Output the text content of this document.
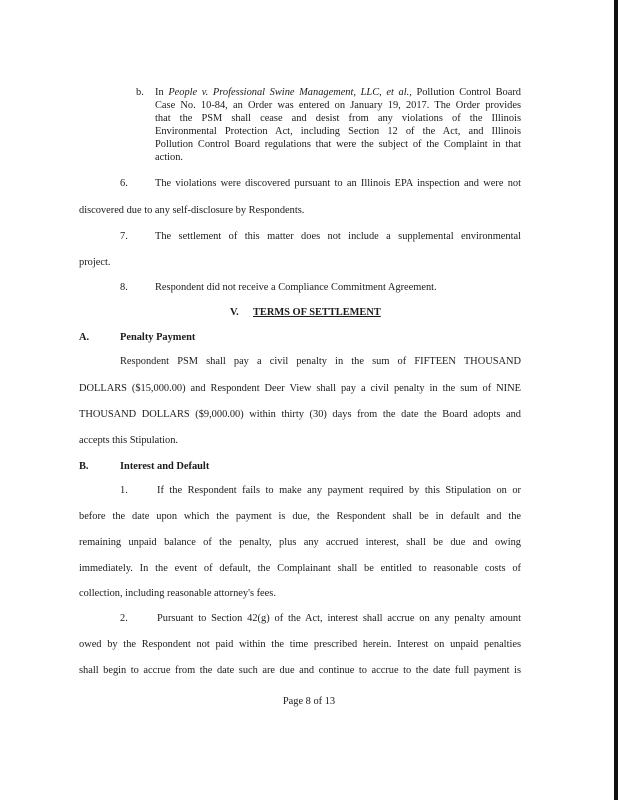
b. In People v. Professional Swine Management, LLC, et al., Pollution Control Board
Case No. 10-84, an Order was entered on January 19, 2017. The Order provides
that the PSM shall cease and desist from any violations of the Illinois
Environmental Protection Act, including Section 12 of the Act, and Illinois
Pollution Control Board regulations that were the subject of the Complaint in that
action.
6.	The violations were discovered pursuant to an Illinois EPA inspection and were not
discovered due to any self-disclosure by Respondents.
7.	The settlement of this matter does not include a supplemental environmental
project.
8.	Respondent did not receive a Compliance Commitment Agreement.
V. TERMS OF SETTLEMENT
A.	Penalty Payment
Respondent PSM shall pay a civil penalty in the sum of FIFTEEN THOUSAND
DOLLARS ($15,000.00) and Respondent Deer View shall pay a civil penalty in the sum of NINE
THOUSAND DOLLARS ($9,000.00) within thirty (30) days from the date the Board adopts and
accepts this Stipulation.
B.	Interest and Default
1.	If the Respondent fails to make any payment required by this Stipulation on or
before the date upon which the payment is due, the Respondent shall be in default and the
remaining unpaid balance of the penalty, plus any accrued interest, shall be due and owing
immediately. In the event of default, the Complainant shall be entitled to reasonable costs of
collection, including reasonable attorney's fees.
2.	Pursuant to Section 42(g) of the Act, interest shall accrue on any penalty amount
owed by the Respondent not paid within the time prescribed herein. Interest on unpaid penalties
shall begin to accrue from the date such are due and continue to accrue to the date full payment is
Page 8 of 13
